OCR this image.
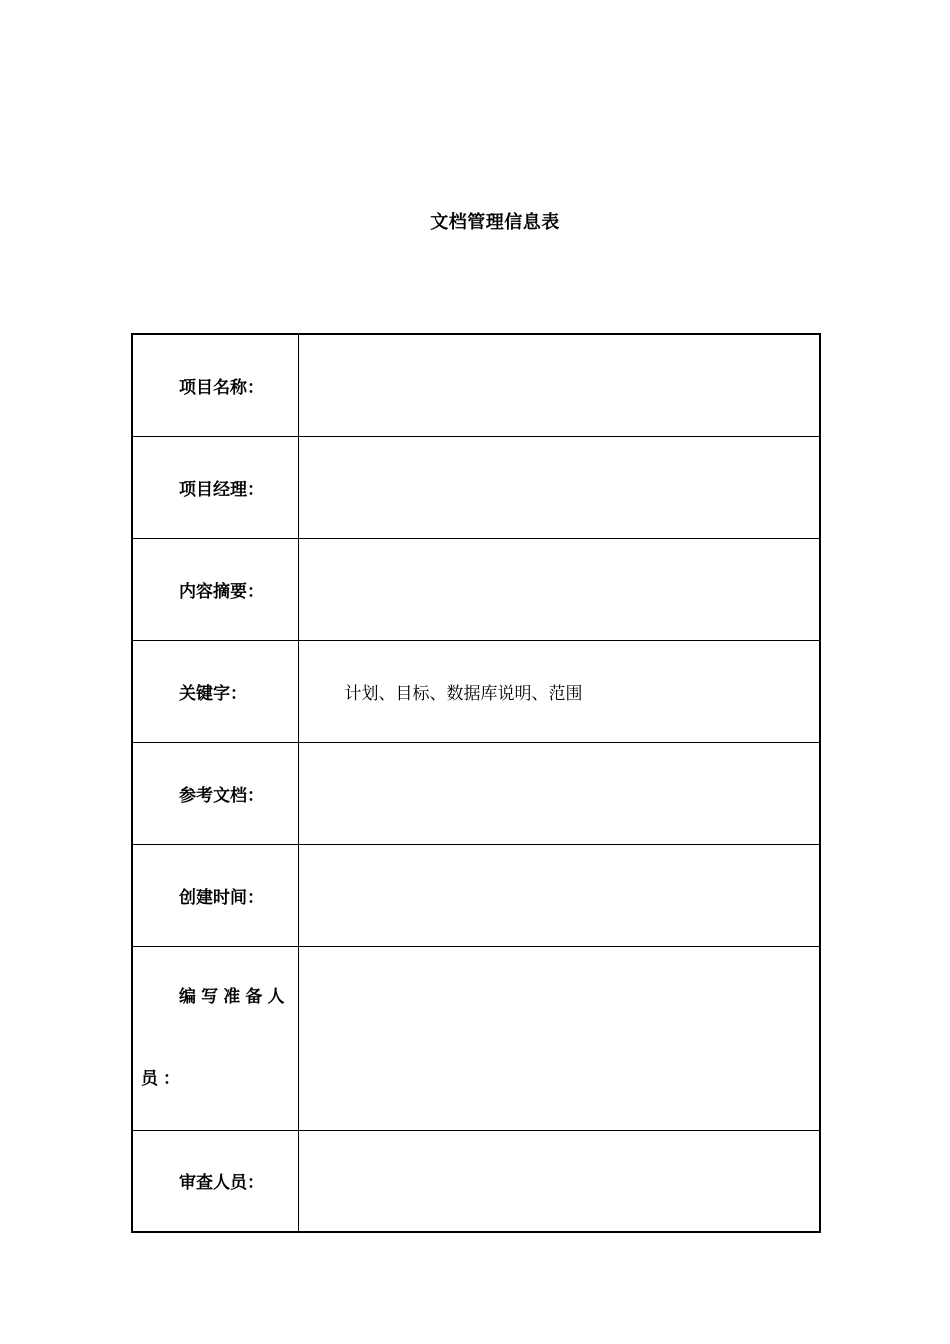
文档管理信息表
项目名称：	
项目经理：	
内容摘要：	
关键字：	计划、目标、数据库说明、范围
参考文档：	
创建时间：	
编写准备人员：	
审查人员：	
